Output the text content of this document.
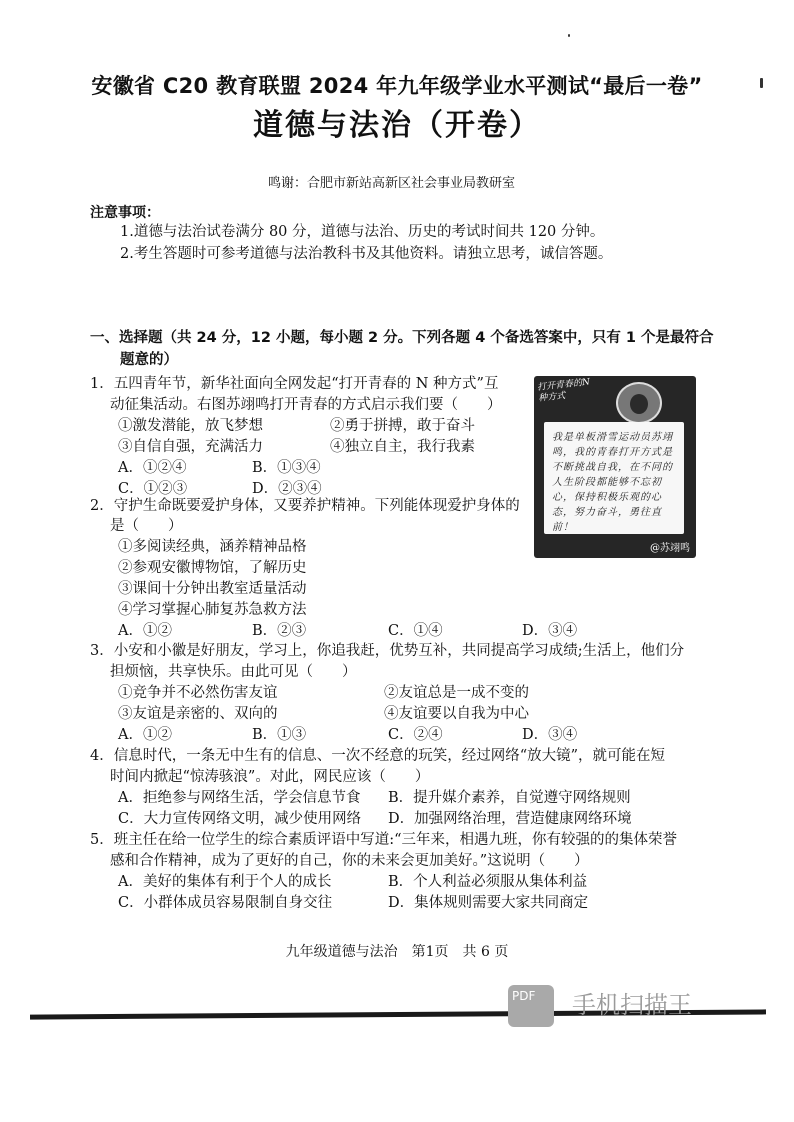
安徽省 C20 教育联盟 2024 年九年级学业水平测试“最后一卷”
道德与法治（开卷）
鸣谢：合肥市新站高新区社会事业局教研室
注意事项：
1.道德与法治试卷满分 80 分，道德与法治、历史的考试时间共 120 分钟。
2.考生答题时可参考道德与法治教科书及其他资料。请独立思考，诚信答题。
一、选择题（共 24 分，12 小题，每小题 2 分。下列各题 4 个备选答案中，只有 1 个是最符合
题意的）
1．五四青年节，新华社面向全网发起“打开青春的 N 种方式”互
动征集活动。右图苏翊鸣打开青春的方式启示我们要（　　）
①激发潜能，放飞梦想	②勇于拼搏，敢于奋斗
③自信自强，充满活力	④独立自主，我行我素
A．①②④	B．①③④
C．①②③	D．②③④
打开青春的N种方式
我是单板滑雪运动员苏翊鸣，我的青春打开方式是不断挑战自我，在不同的人生阶段都能够不忘初心，保持积极乐观的心态，努力奋斗，勇往直前！
@苏翊鸣
2．守护生命既要爱护身体，又要养护精神。下列能体现爱护身体的
是（　　）
①多阅读经典，涵养精神品格
②参观安徽博物馆，了解历史
③课间十分钟出教室适量活动
④学习掌握心肺复苏急救方法
A．①②	B．②③	C．①④	D．③④
3．小安和小徽是好朋友，学习上，你追我赶，优势互补，共同提高学习成绩;生活上，他们分
担烦恼，共享快乐。由此可见（　　）
①竞争并不必然伤害友谊	②友谊总是一成不变的
③友谊是亲密的、双向的	④友谊要以自我为中心
A．①②	B．①③	C．②④	D．③④
4．信息时代，一条无中生有的信息、一次不经意的玩笑，经过网络“放大镜”，就可能在短
时间内掀起“惊涛骇浪”。对此，网民应该（　　）
A．拒绝参与网络生活，学会信息节食 B．提升媒介素养，自觉遵守网络规则
C．大力宣传网络文明，减少使用网络 D．加强网络治理，营造健康网络环境
5．班主任在给一位学生的综合素质评语中写道:“三年来，相遇九班，你有较强的的集体荣誉
感和合作精神，成为了更好的自己，你的未来会更加美好。”这说明（　　）
A．美好的集体有利于个人的成长	B．个人利益必须服从集体利益
C．小群体成员容易限制自身交往	D．集体规则需要大家共同商定
九年级道德与法治　第1页　共 6 页
PDF 手机扫描王
